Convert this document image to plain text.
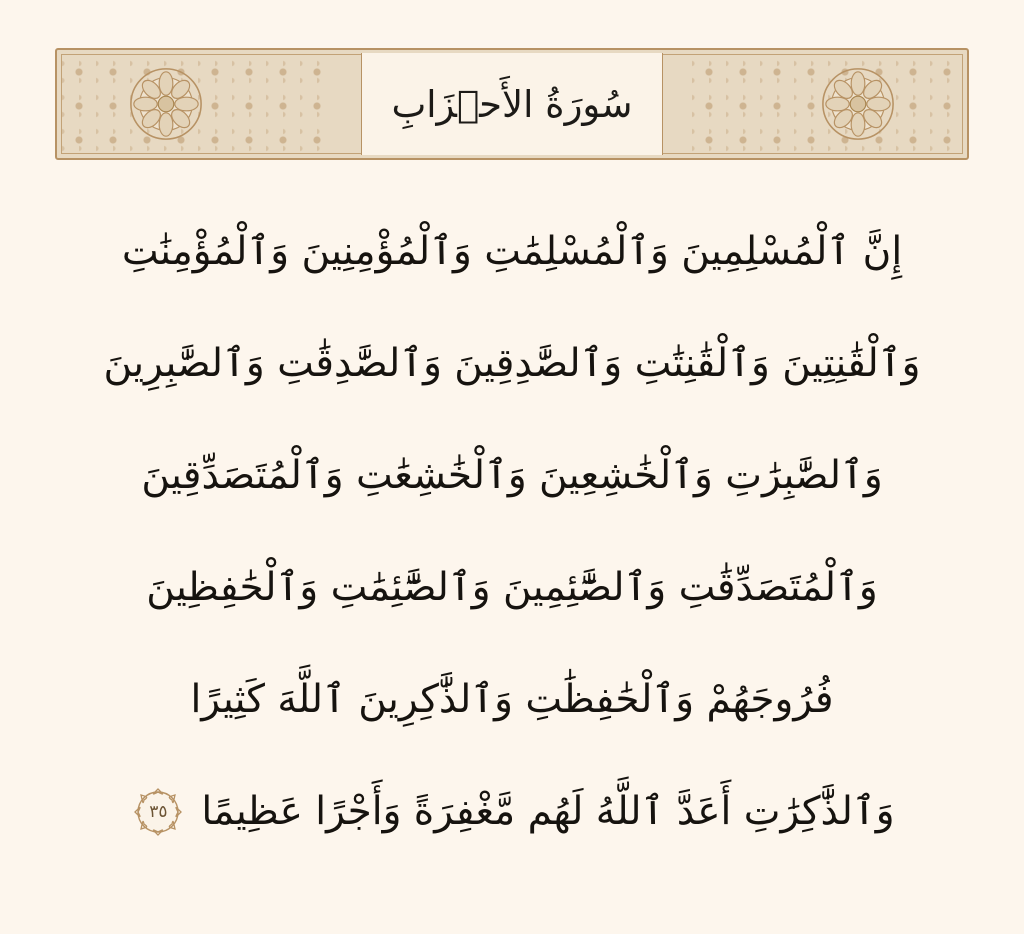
سُورَةُ الأَحۡزَابِ
إِنَّ ٱلْمُسْلِمِينَ وَٱلْمُسْلِمَٰتِ وَٱلْمُؤْمِنِينَ وَٱلْمُؤْمِنَٰتِ
وَٱلْقَٰنِتِينَ وَٱلْقَٰنِتَٰتِ وَٱلصَّٰدِقِينَ وَٱلصَّٰدِقَٰتِ وَٱلصَّٰبِرِينَ
وَٱلصَّٰبِرَٰتِ وَٱلْخَٰشِعِينَ وَٱلْخَٰشِعَٰتِ وَٱلْمُتَصَدِّقِينَ
وَٱلْمُتَصَدِّقَٰتِ وَٱلصَّٰٓئِمِينَ وَٱلصَّٰٓئِمَٰتِ وَٱلْحَٰفِظِينَ
فُرُوجَهُمْ وَٱلْحَٰفِظَٰتِ وَٱلذَّٰكِرِينَ ٱللَّهَ كَثِيرًا
وَٱلذَّٰكِرَٰتِ أَعَدَّ ٱللَّهُ لَهُم مَّغْفِرَةً وَأَجْرًا عَظِيمًا
٣٥
